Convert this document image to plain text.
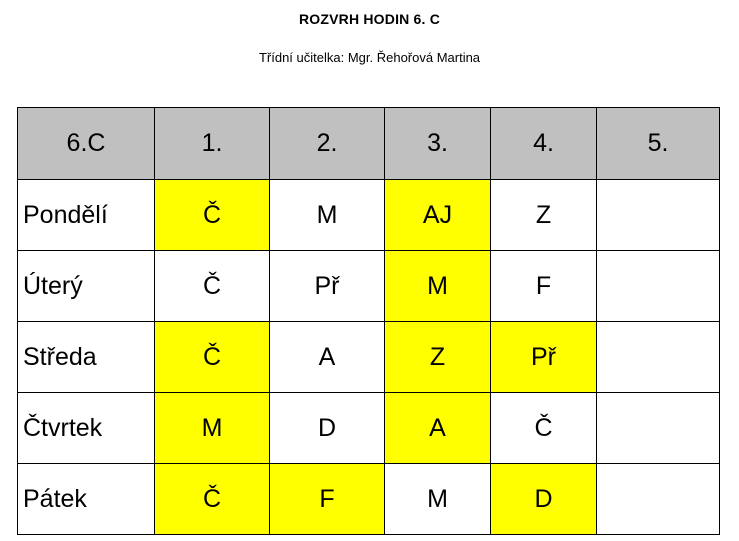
ROZVRH HODIN 6. C
Třídní učitelka: Mgr. Řehořová Martina
6.C	1.	2.	3.	4.	5.
Pondělí	Č	M	AJ	Z	
Úterý	Č	Př	M	F	
Středa	Č	A	Z	Př	
Čtvrtek	M	D	A	Č	
Pátek	Č	F	M	D	
